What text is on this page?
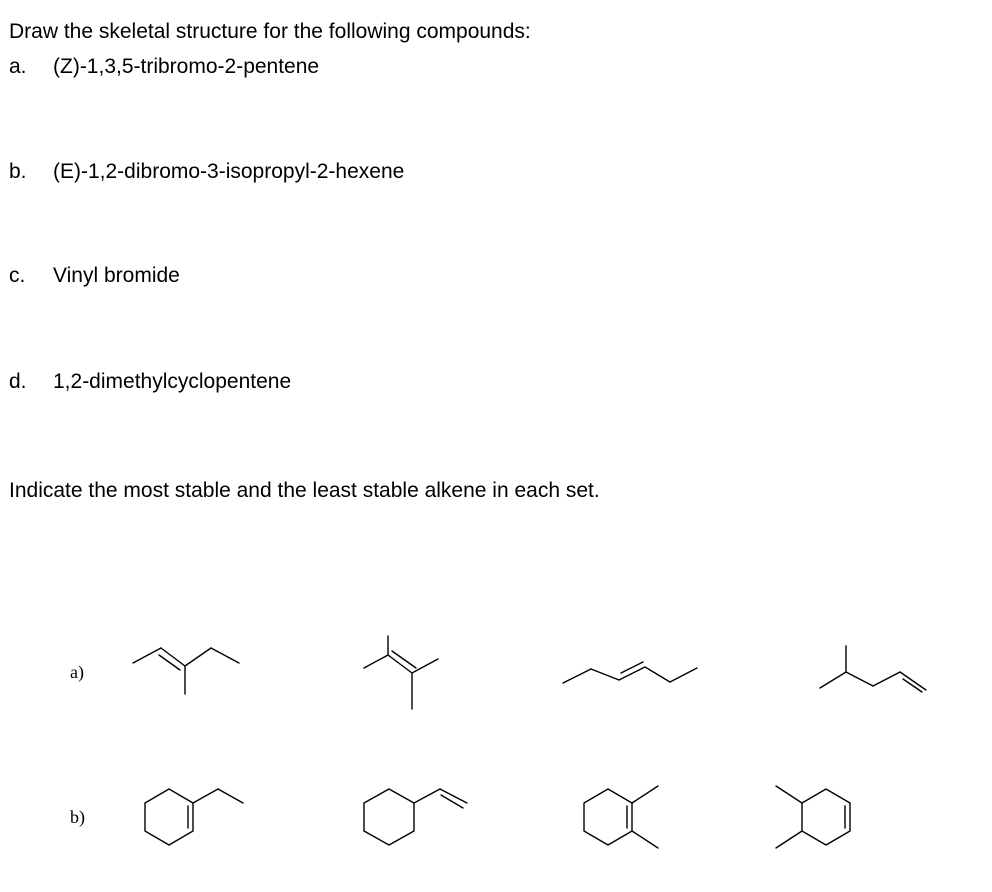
Draw the skeletal structure for the following compounds:
a. (Z)-1,3,5-tribromo-2-pentene
b. (E)-1,2-dibromo-3-isopropyl-2-hexene
c. Vinyl bromide
d. 1,2-dimethylcyclopentene
Indicate the most stable and the least stable alkene in each set.
a)
b)
